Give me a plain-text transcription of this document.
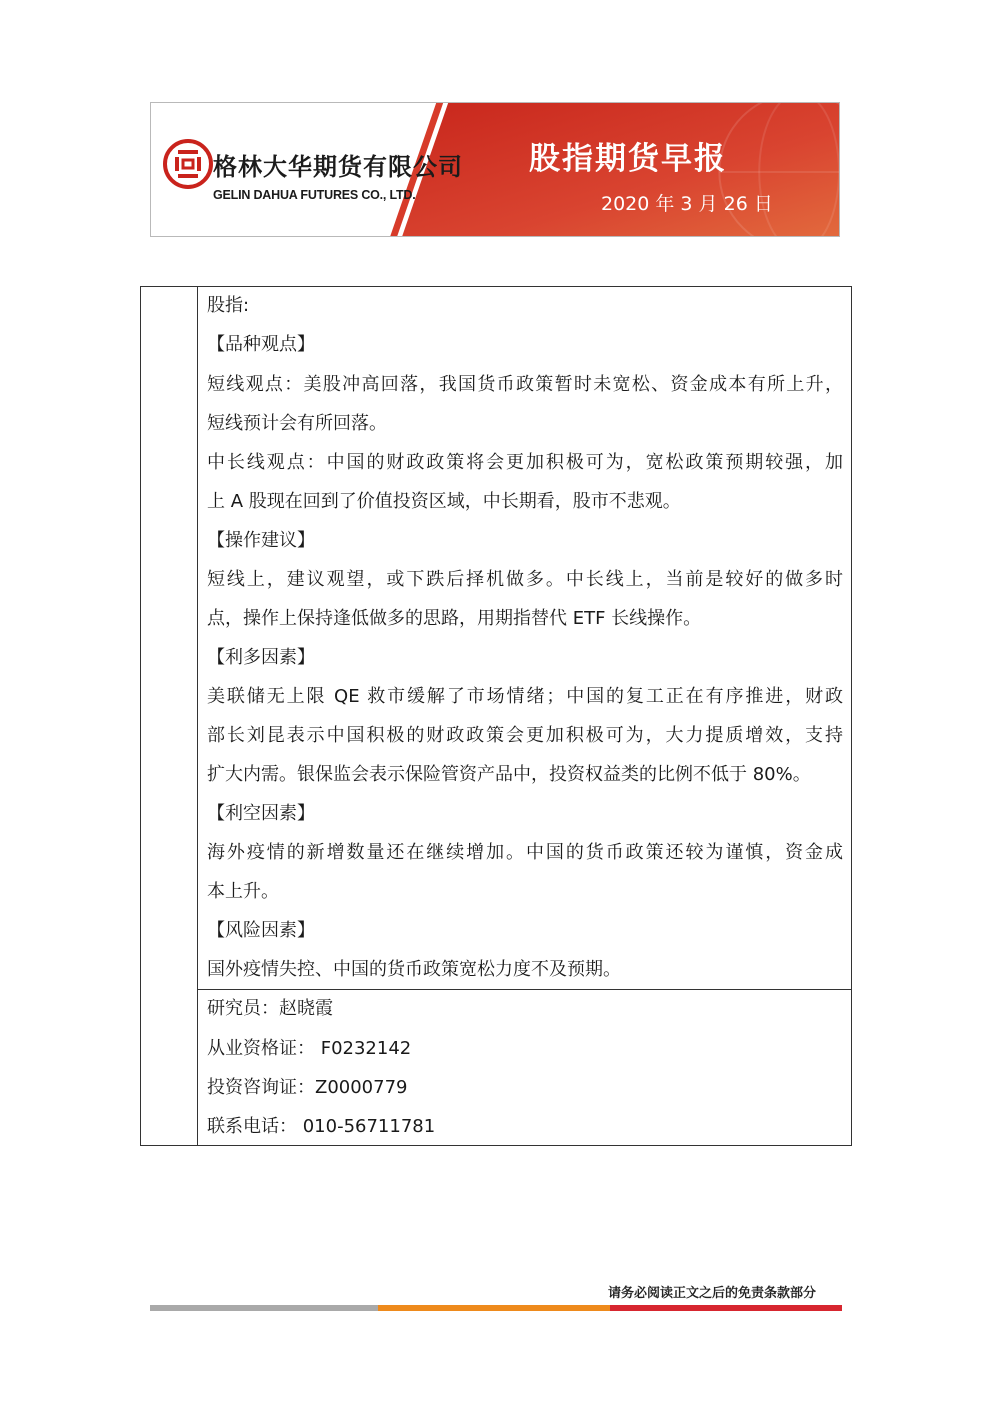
格林大华期货有限公司
GELIN DAHUA FUTURES CO., LTD.
股指期货早报
2020 年 3 月 26 日
股指:
【品种观点】
短线观点：美股冲高回落，我国货币政策暂时未宽松、资金成本有所上升，
短线预计会有所回落。
中长线观点：中国的财政政策将会更加积极可为，宽松政策预期较强，加
上 A 股现在回到了价值投资区域，中长期看，股市不悲观。
【操作建议】
短线上，建议观望，或下跌后择机做多。中长线上，当前是较好的做多时
点，操作上保持逢低做多的思路，用期指替代 ETF 长线操作。
【利多因素】
美联储无上限 QE 救市缓解了市场情绪；中国的复工正在有序推进，财政
部长刘昆表示中国积极的财政政策会更加积极可为，大力提质增效，支持
扩大内需。银保监会表示保险管资产品中，投资权益类的比例不低于 80%。
【利空因素】
海外疫情的新增数量还在继续增加。中国的货币政策还较为谨慎，资金成
本上升。
【风险因素】
国外疫情失控、中国的货币政策宽松力度不及预期。
研究员：赵晓霞
从业资格证： F0232142
投资咨询证：Z0000779
联系电话： 010-56711781
请务必阅读正文之后的免责条款部分
